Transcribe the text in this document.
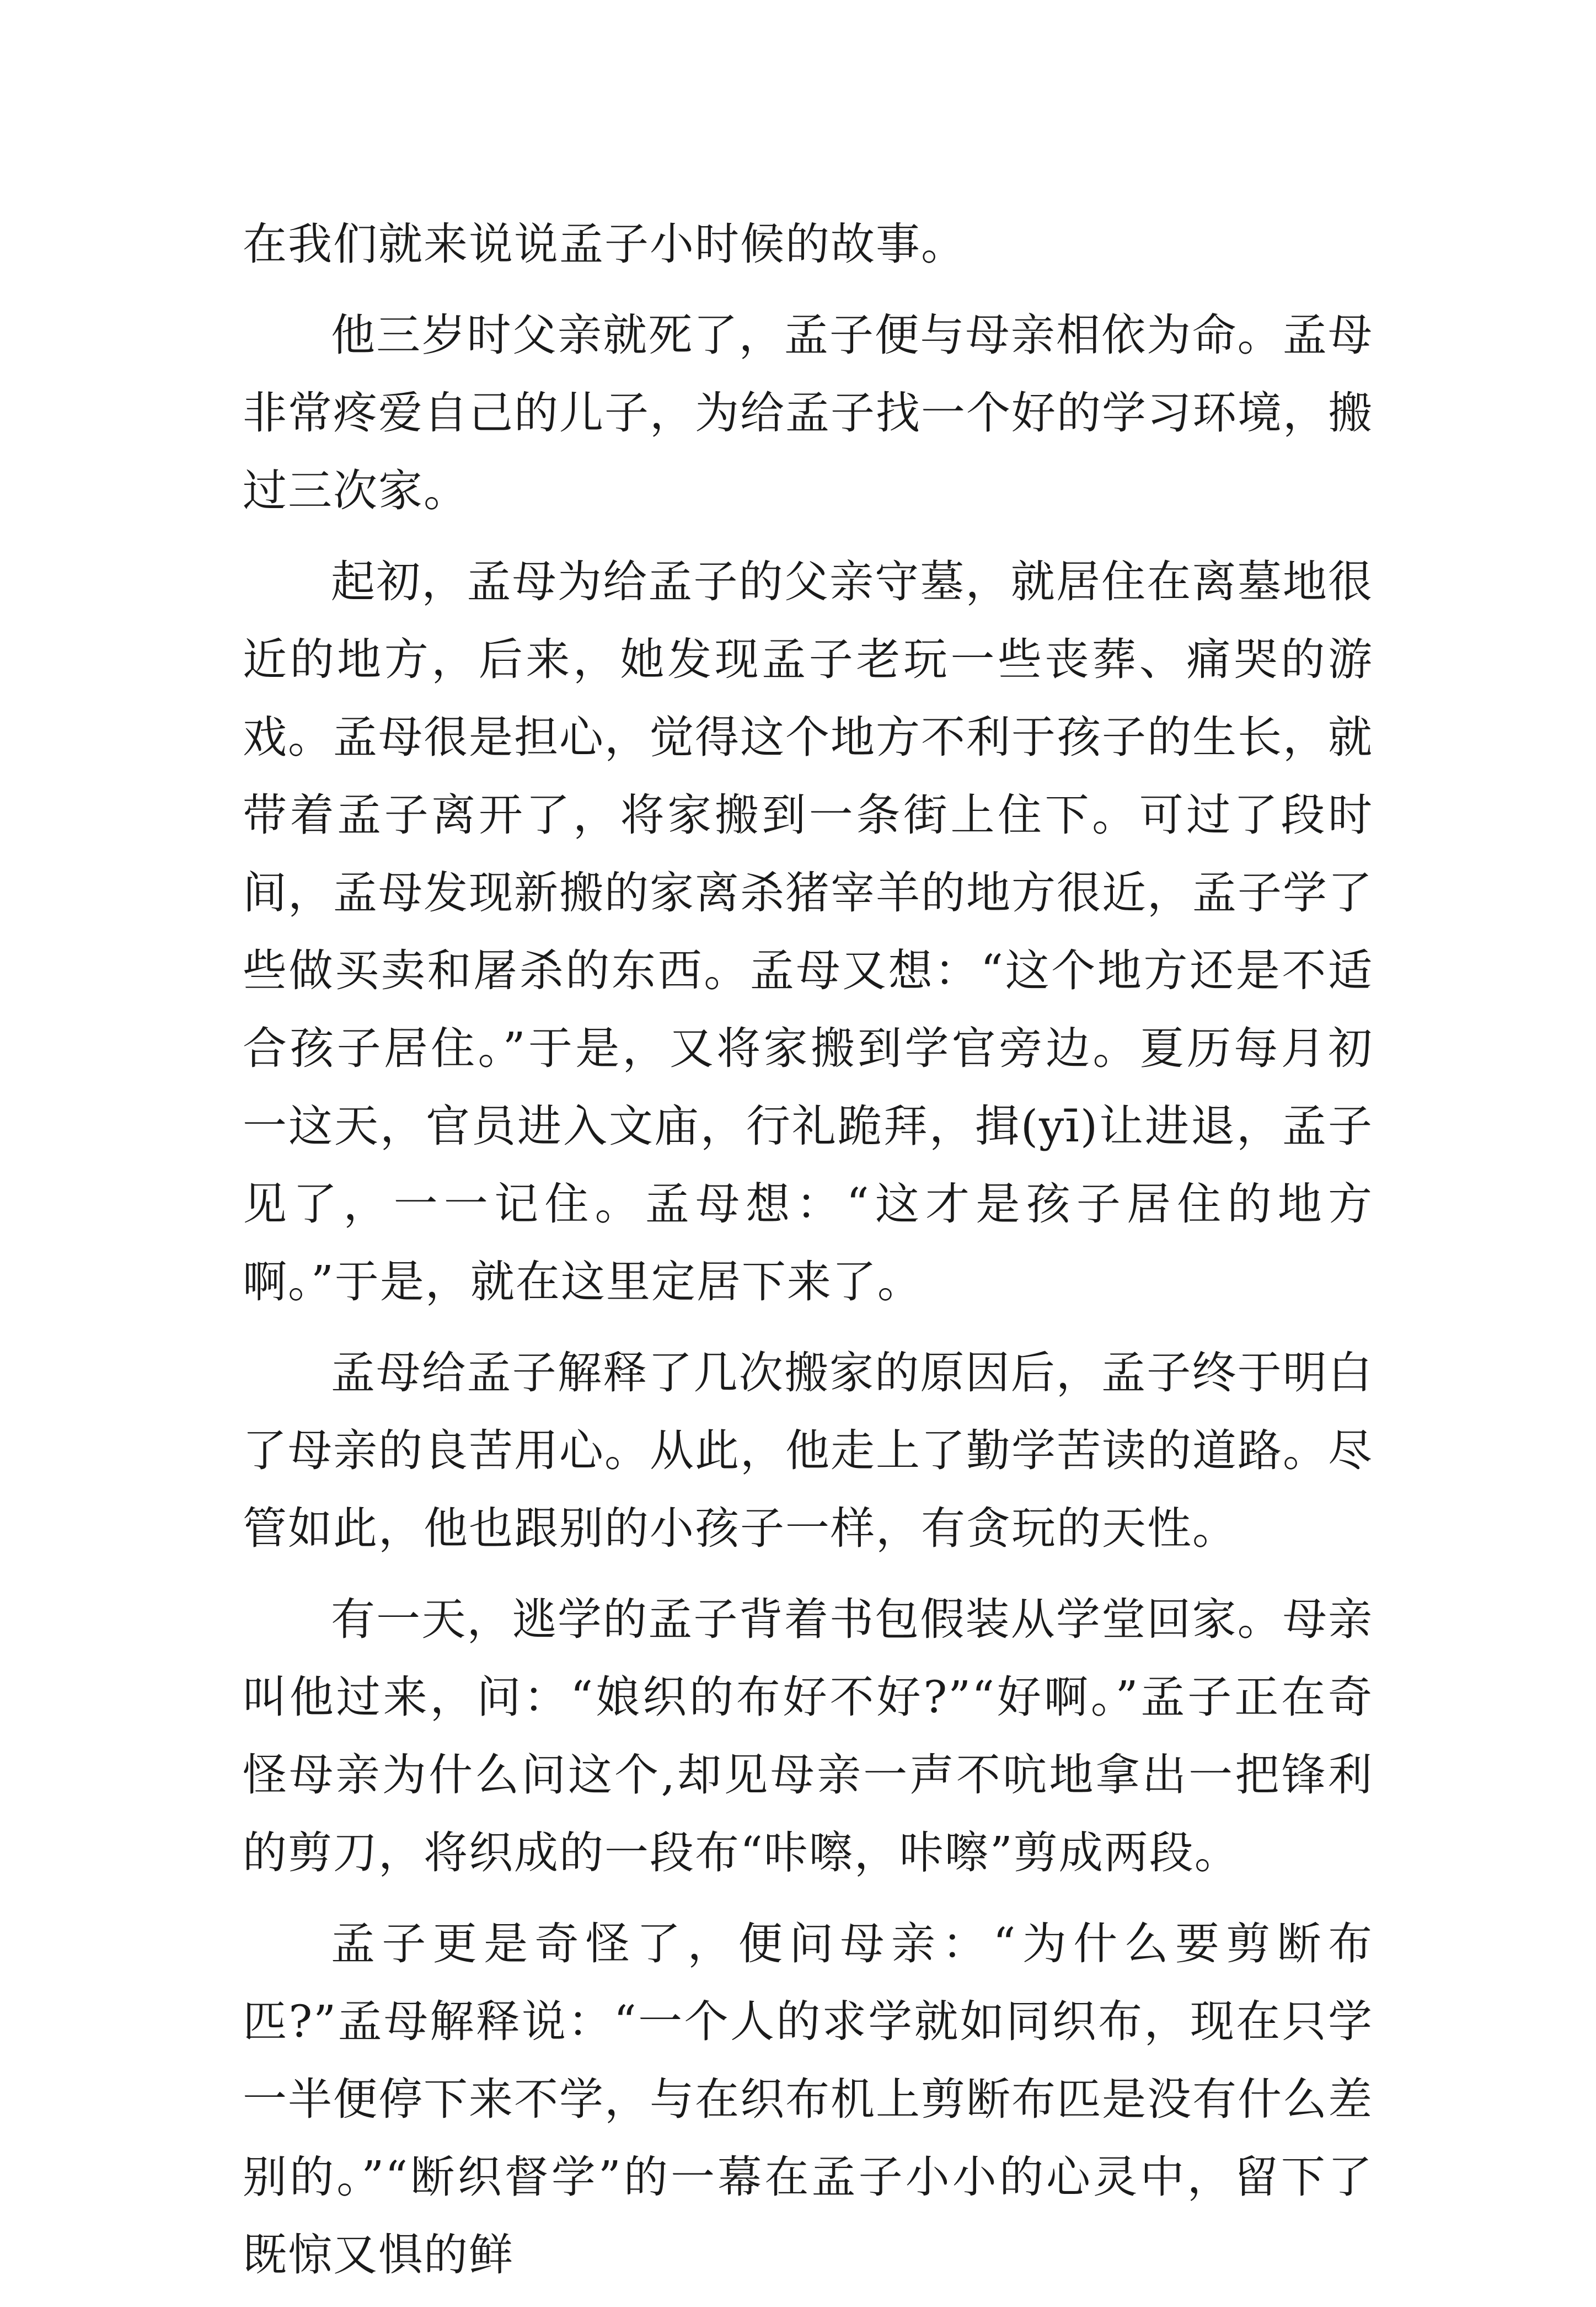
在我们就来说说孟子小时候的故事。

他三岁时父亲就死了，孟子便与母亲相依为命。孟母非常疼爱自己的儿子，为给孟子找一个好的学习环境，搬过三次家。

起初，孟母为给孟子的父亲守墓，就居住在离墓地很近的地方，后来，她发现孟子老玩一些丧葬、痛哭的游戏。孟母很是担心，觉得这个地方不利于孩子的生长，就带着孟子离开了，将家搬到一条街上住下。可过了段时间，孟母发现新搬的家离杀猪宰羊的地方很近，孟子学了些做买卖和屠杀的东西。孟母又想：“这个地方还是不适合孩子居住。”于是，又将家搬到学官旁边。夏历每月初一这天，官员进入文庙，行礼跪拜，揖(yī)让进退，孟子见了，一一记住。孟母想：“这才是孩子居住的地方啊。”于是，就在这里定居下来了。

孟母给孟子解释了几次搬家的原因后，孟子终于明白了母亲的良苦用心。从此，他走上了勤学苦读的道路。尽管如此，他也跟别的小孩子一样，有贪玩的天性。

有一天，逃学的孟子背着书包假装从学堂回家。母亲叫他过来，问：“娘织的布好不好?”“好啊。”孟子正在奇怪母亲为什么问这个,却见母亲一声不吭地拿出一把锋利的剪刀，将织成的一段布“咔嚓，咔嚓”剪成两段。

孟子更是奇怪了，便问母亲：“为什么要剪断布匹?”孟母解释说：“一个人的求学就如同织布，现在只学一半便停下来不学，与在织布机上剪断布匹是没有什么差别的。”“断织督学”的一幕在孟子小小的心灵中，留下了既惊又惧的鲜
